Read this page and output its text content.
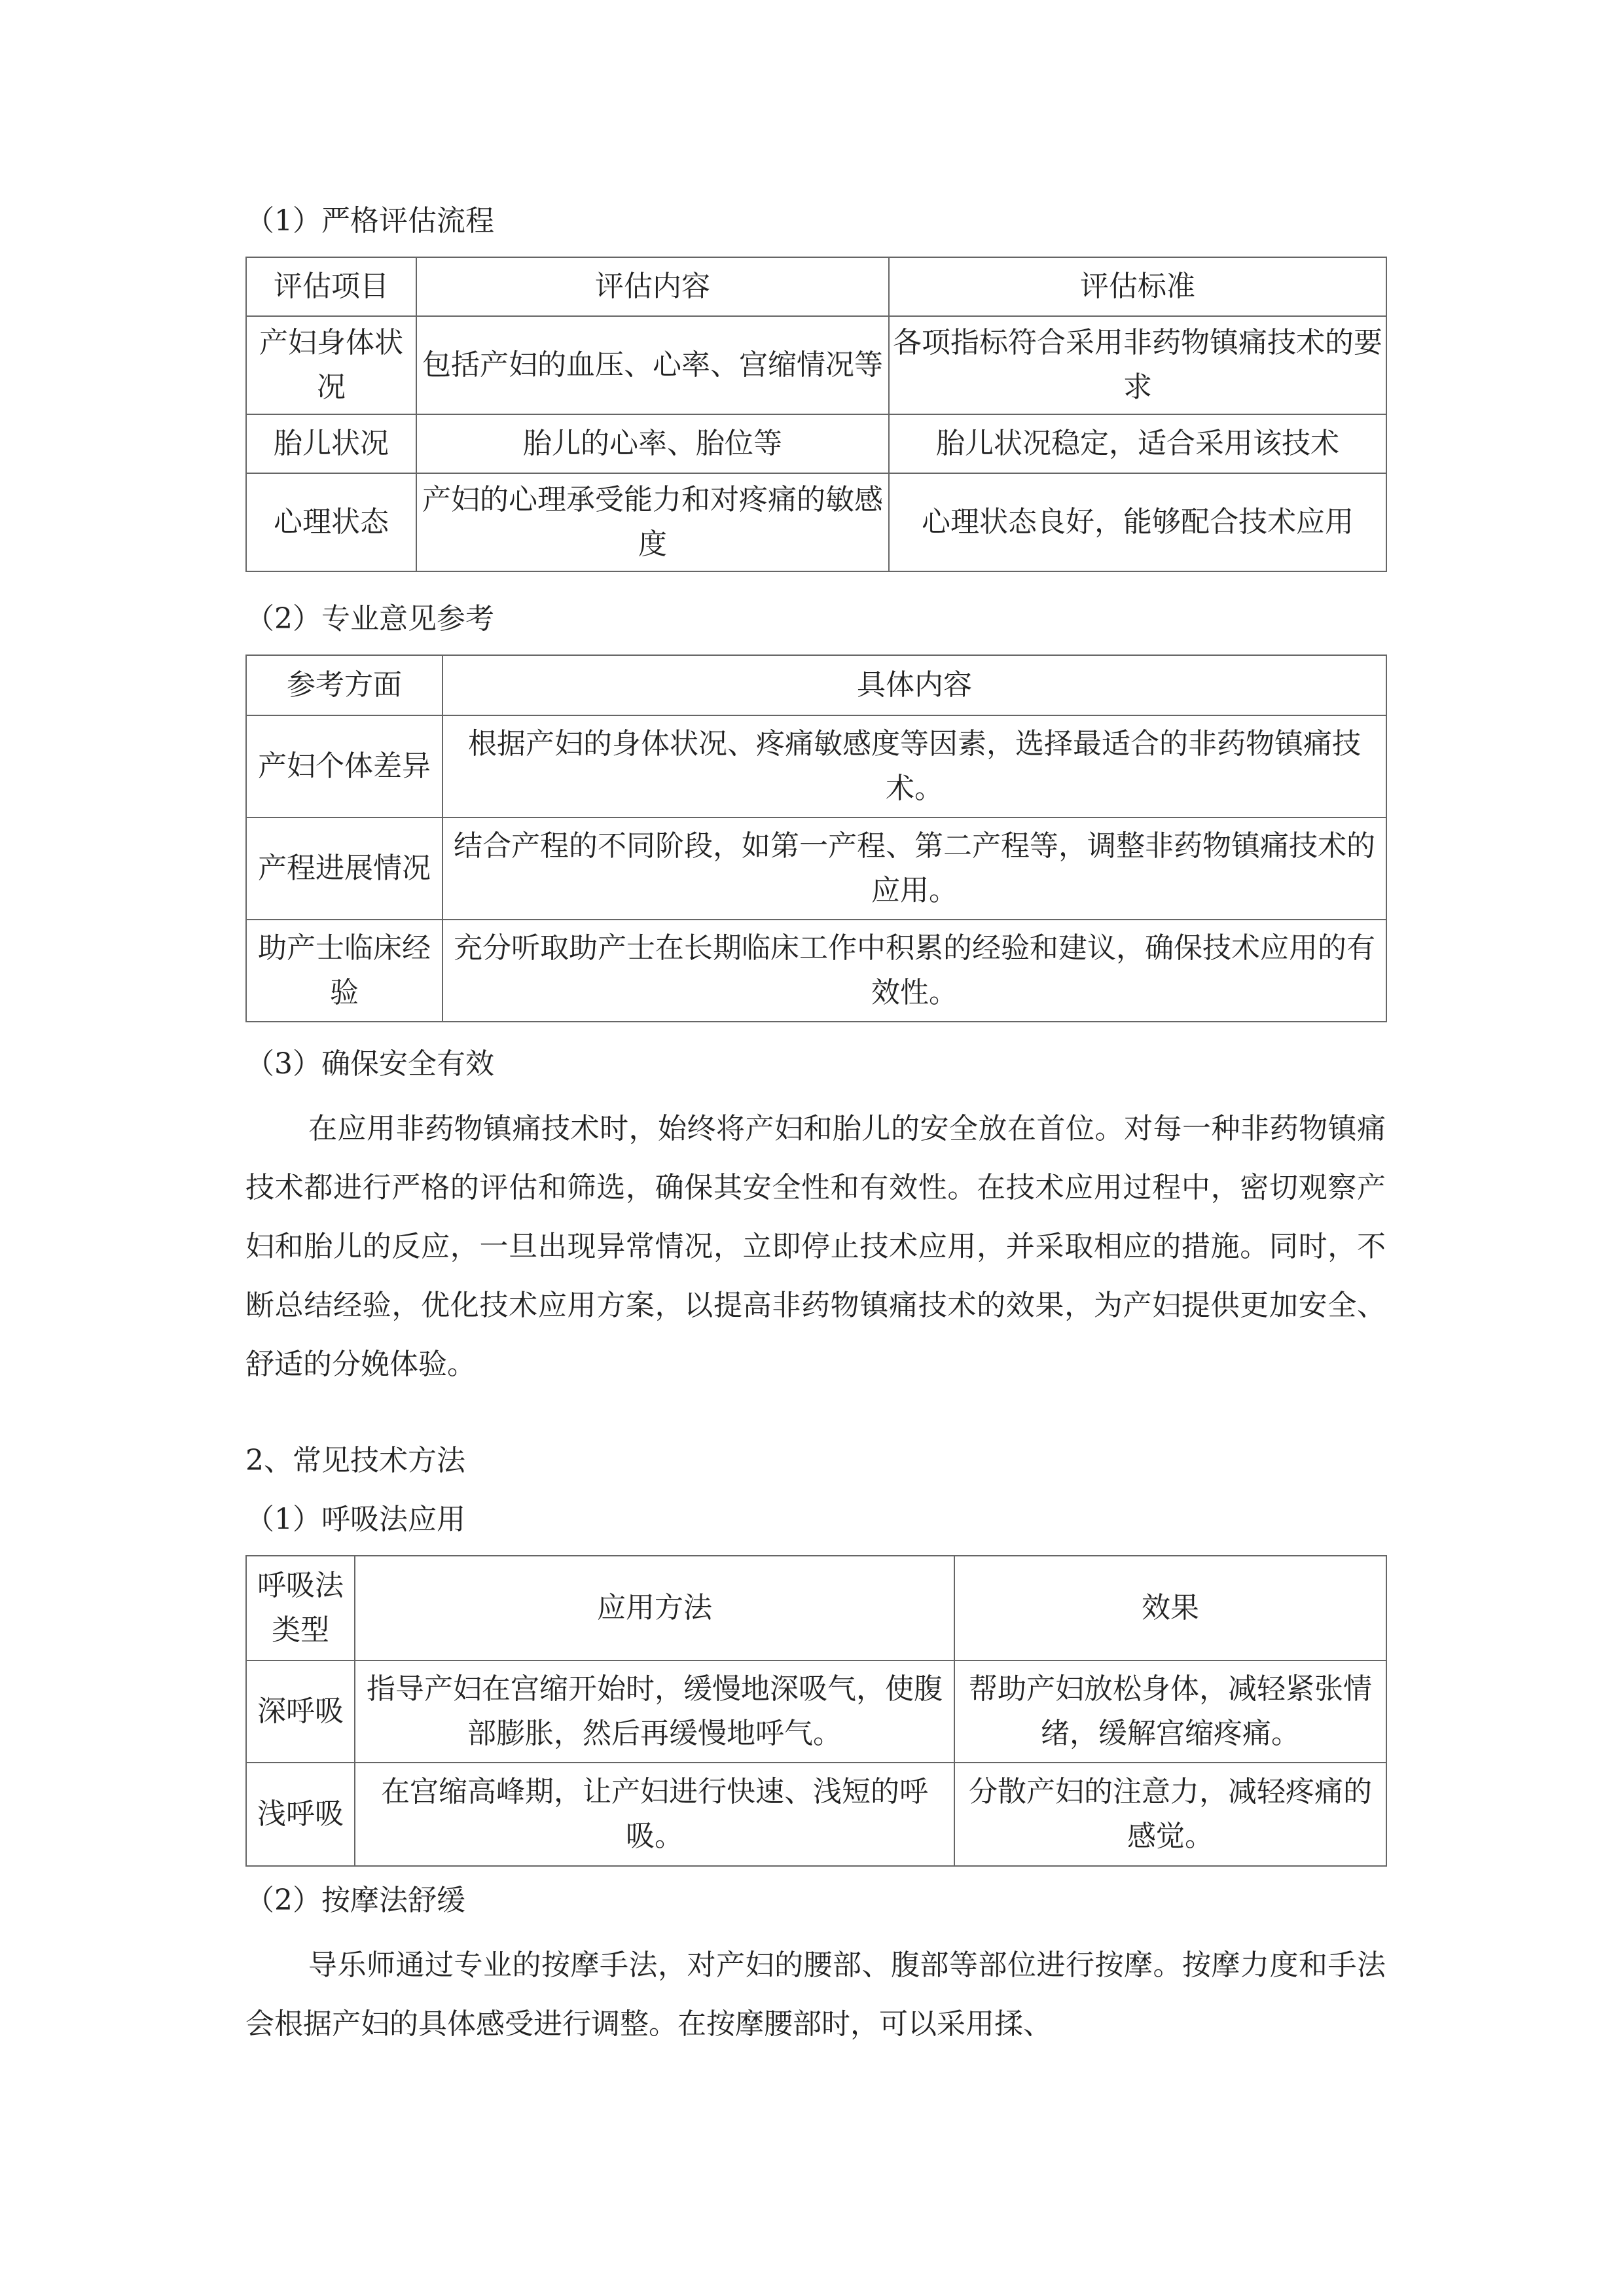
（1）严格评估流程
评估项目	评估内容	评估标准
产妇身体状况	包括产妇的血压、心率、宫缩情况等	各项指标符合采用非药物镇痛技术的要求
胎儿状况	胎儿的心率、胎位等	胎儿状况稳定，适合采用该技术
心理状态	产妇的心理承受能力和对疼痛的敏感度	心理状态良好，能够配合技术应用
（2）专业意见参考
参考方面	具体内容
产妇个体差异	根据产妇的身体状况、疼痛敏感度等因素，选择最适合的非药物镇痛技术。
产程进展情况	结合产程的不同阶段，如第一产程、第二产程等，调整非药物镇痛技术的应用。
助产士临床经验	充分听取助产士在长期临床工作中积累的经验和建议，确保技术应用的有效性。
（3）确保安全有效

在应用非药物镇痛技术时，始终将产妇和胎儿的安全放在首位。对每一种非药物镇痛技术都进行严格的评估和筛选，确保其安全性和有效性。在技术应用过程中，密切观察产妇和胎儿的反应，一旦出现异常情况，立即停止技术应用，并采取相应的措施。同时，不断总结经验，优化技术应用方案，以提高非药物镇痛技术的效果，为产妇提供更加安全、舒适的分娩体验。

2、常见技术方法
（1）呼吸法应用
呼吸法类型	应用方法	效果
深呼吸	指导产妇在宫缩开始时，缓慢地深吸气，使腹部膨胀，然后再缓慢地呼气。	帮助产妇放松身体，减轻紧张情绪，缓解宫缩疼痛。
浅呼吸	在宫缩高峰期，让产妇进行快速、浅短的呼吸。	分散产妇的注意力，减轻疼痛的感觉。
（2）按摩法舒缓

导乐师通过专业的按摩手法，对产妇的腰部、腹部等部位进行按摩。按摩力度和手法会根据产妇的具体感受进行调整。在按摩腰部时，可以采用揉、
